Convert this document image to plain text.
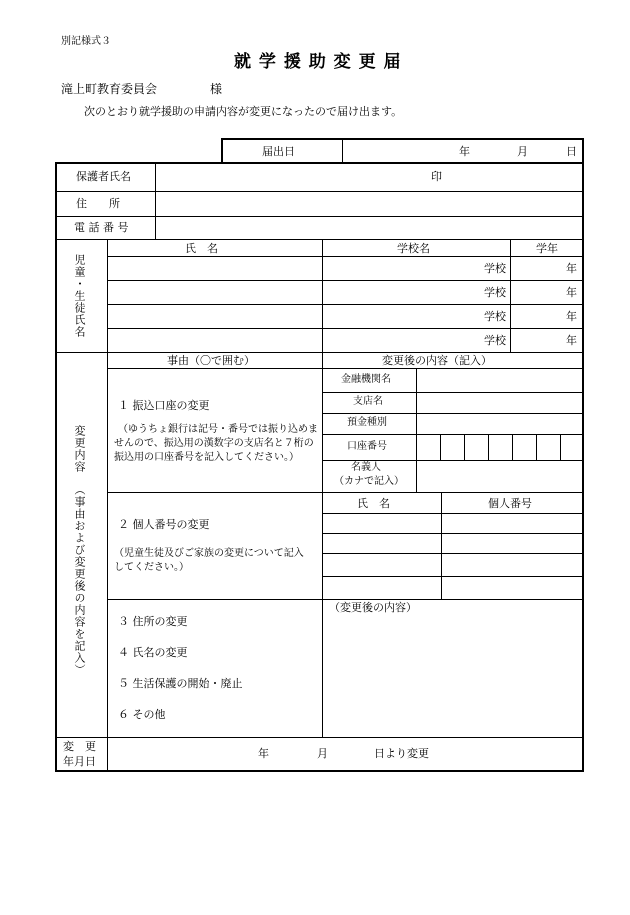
別記様式３
就 学 援 助 変 更 届
滝上町教育委員会	様
次のとおり就学援助の申請内容が変更になったので届け出ます。
届出日	年	月	日
保護者氏名	印
住　　所
電 話 番 号
児童・生徒氏名
氏　名	学校名	学年
学校	年
学校	年
学校	年
学校	年
変更内容
（事由および変更後の内容を記入）
事由（〇で囲む）	変更後の内容（記入）
金融機関名
支店名
預金種別
口座番号
名義人
（カナで記入）
１ 振込口座の変更
（ゆうちょ銀行は記号・番号では振り込めま
せんので、振込用の漢数字の支店名と７桁の
振込用の口座番号を記入してください。）
氏　名	個人番号
２ 個人番号の変更
（児童生徒及びご家族の変更について記入
してください。）
（変更後の内容）
３ 住所の変更
４ 氏名の変更
５ 生活保護の開始・廃止
６ その他
変　更
年月日
年	月	日より変更
